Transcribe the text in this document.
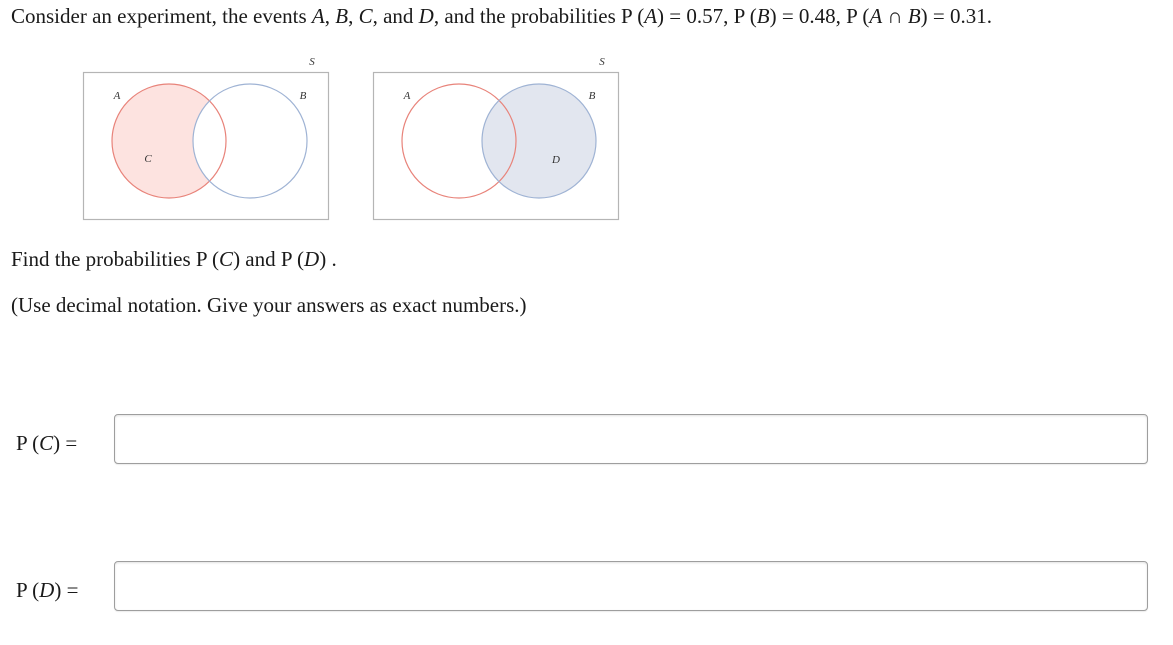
Consider an experiment, the events A, B, C, and D, and the probabilities P (A) = 0.57, P (B) = 0.48, P (A ∩ B) = 0.31.
S
A	B
C
S
A	B
D
Find the probabilities P (C) and P (D) .
(Use decimal notation. Give your answers as exact numbers.)
P (C) =
P (D) =
